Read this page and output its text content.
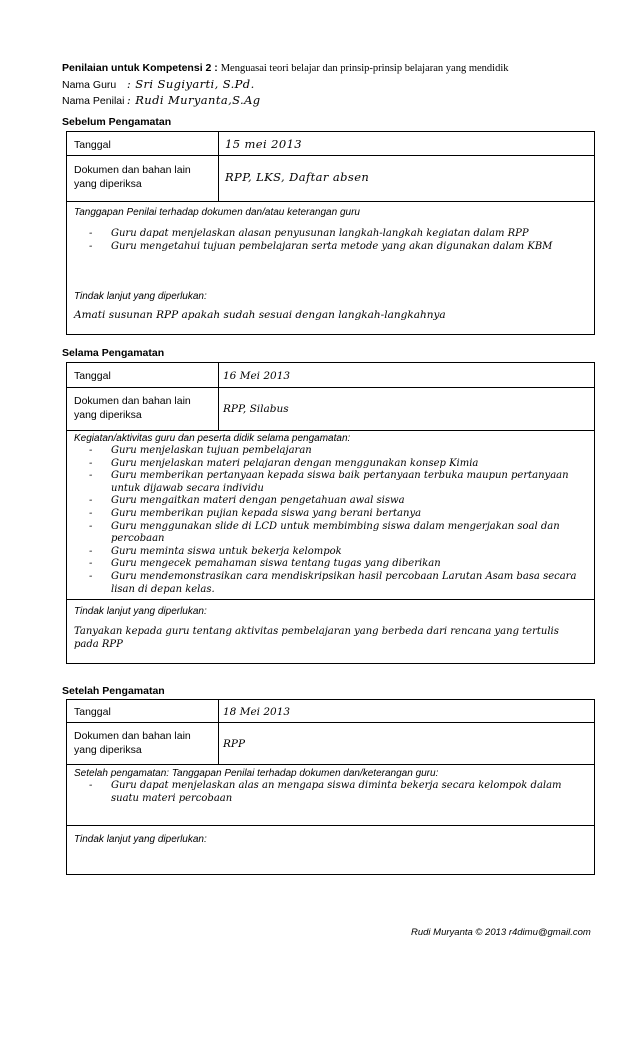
Penilaian untuk Kompetensi 2 : Menguasai teori belajar dan prinsip-prinsip belajaran yang mendidik
Nama Guru : Sri Sugiyarti, S.Pd.
Nama Penilai : Rudi Muryanta,S.Ag
Sebelum Pengamatan
Tanggal	15 mei 2013
Dokumen dan bahan lain
yang diperiksa	RPP, LKS, Daftar absen
Tanggapan Penilai terhadap dokumen dan/atau keterangan guru
- Guru dapat menjelaskan alasan penyusunan langkah-langkah kegiatan dalam RPP
- Guru mengetahui tujuan pembelajaran serta metode yang akan digunakan dalam KBM
Tindak lanjut yang diperlukan:
Amati susunan RPP apakah sudah sesuai dengan langkah-langkahnya
Selama Pengamatan
Tanggal	16 Mei 2013
Dokumen dan bahan lain
yang diperiksa	RPP, Silabus
Kegiatan/aktivitas guru dan peserta didik selama pengamatan:
- Guru menjelaskan tujuan pembelajaran
- Guru menjelaskan materi pelajaran dengan menggunakan konsep Kimia
- Guru memberikan pertanyaan kepada siswa baik pertanyaan terbuka maupun pertanyaan untuk dijawab secara individu
- Guru mengaitkan materi dengan pengetahuan awal siswa
- Guru memberikan pujian kepada siswa yang berani bertanya
- Guru menggunakan slide di LCD untuk membimbing siswa dalam mengerjakan soal dan percobaan
- Guru meminta siswa untuk bekerja kelompok
- Guru mengecek pemahaman siswa tentang tugas yang diberikan
- Guru mendemonstrasikan cara mendiskripsikan hasil percobaan Larutan Asam basa secara lisan di depan kelas.
Tindak lanjut yang diperlukan:
Tanyakan kepada guru tentang aktivitas pembelajaran yang berbeda dari rencana yang tertulis pada RPP
Setelah Pengamatan
Tanggal	18 Mei 2013
Dokumen dan bahan lain
yang diperiksa	RPP
Setelah pengamatan: Tanggapan Penilai terhadap dokumen dan/keterangan guru:
- Guru dapat menjelaskan alas an mengapa siswa diminta bekerja secara kelompok dalam suatu materi percobaan
Tindak lanjut yang diperlukan:
Rudi Muryanta © 2013 r4dimu@gmail.com
